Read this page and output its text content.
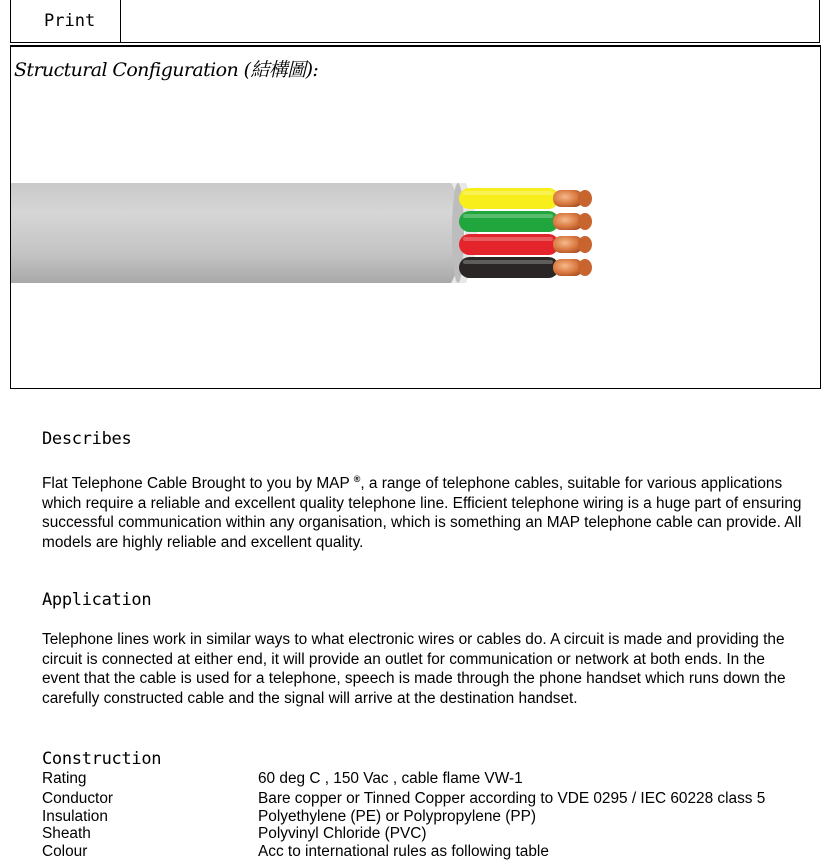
Print
Structural Configuration (結構圖):
Describes
Flat Telephone Cable Brought to you by MAP ®, a range of telephone cables, suitable for various applications which require a reliable and excellent quality telephone line. Efficient telephone wiring is a huge part of ensuring successful communication within any organisation, which is something an MAP telephone cable can provide. All models are highly reliable and excellent quality.
Application
Telephone lines work in similar ways to what electronic wires or cables do. A circuit is made and providing the circuit is connected at either end, it will provide an outlet for communication or network at both ends. In the event that the cable is used for a telephone, speech is made through the phone handset which runs down the carefully constructed cable and the signal will arrive at the destination handset.
Construction
Rating	60 deg C , 150 Vac , cable flame VW-1
Conductor	Bare copper or Tinned Copper according to VDE 0295 / IEC 60228 class 5
Insulation	Polyethylene (PE) or Polypropylene (PP)
Sheath	Polyvinyl Chloride (PVC)
Colour	Acc to international rules as following table
